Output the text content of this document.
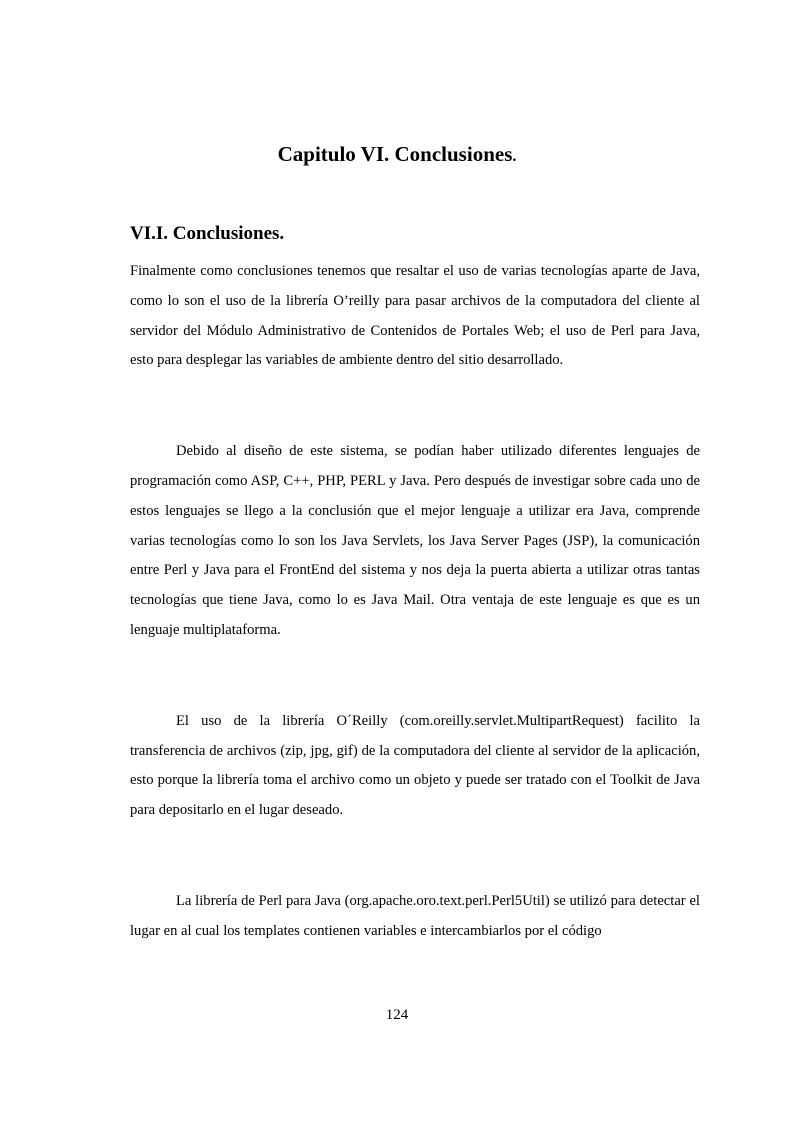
Capitulo VI. Conclusiones.
VI.I. Conclusiones.

Finalmente como conclusiones tenemos que resaltar el uso de varias tecnologías aparte de Java, como lo son el uso de la librería O’reilly para pasar archivos de la computadora del cliente al servidor del Módulo Administrativo de Contenidos de Portales Web; el uso de Perl para Java, esto para desplegar las variables de ambiente dentro del sitio desarrollado.

Debido al diseño de este sistema, se podían haber utilizado diferentes lenguajes de programación como ASP, C++, PHP, PERL y Java. Pero después de investigar sobre cada uno de estos lenguajes se llego a la conclusión que el mejor lenguaje a utilizar era Java, comprende varias tecnologías como lo son los Java Servlets, los Java Server Pages (JSP), la comunicación entre Perl y Java para el FrontEnd del sistema y nos deja la puerta abierta a utilizar otras tantas tecnologías que tiene Java, como lo es Java Mail. Otra ventaja de este lenguaje es que es un lenguaje multiplataforma.

El uso de la librería O´Reilly (com.oreilly.servlet.MultipartRequest) facilito la transferencia de archivos (zip, jpg, gif) de la computadora del cliente al servidor de la aplicación, esto porque la librería toma el archivo como un objeto y puede ser tratado con el Toolkit de Java para depositarlo en el lugar deseado.

La librería de Perl para Java (org.apache.oro.text.perl.Perl5Util) se utilizó para detectar el lugar en al cual los templates contienen variables e intercambiarlos por el código

124
